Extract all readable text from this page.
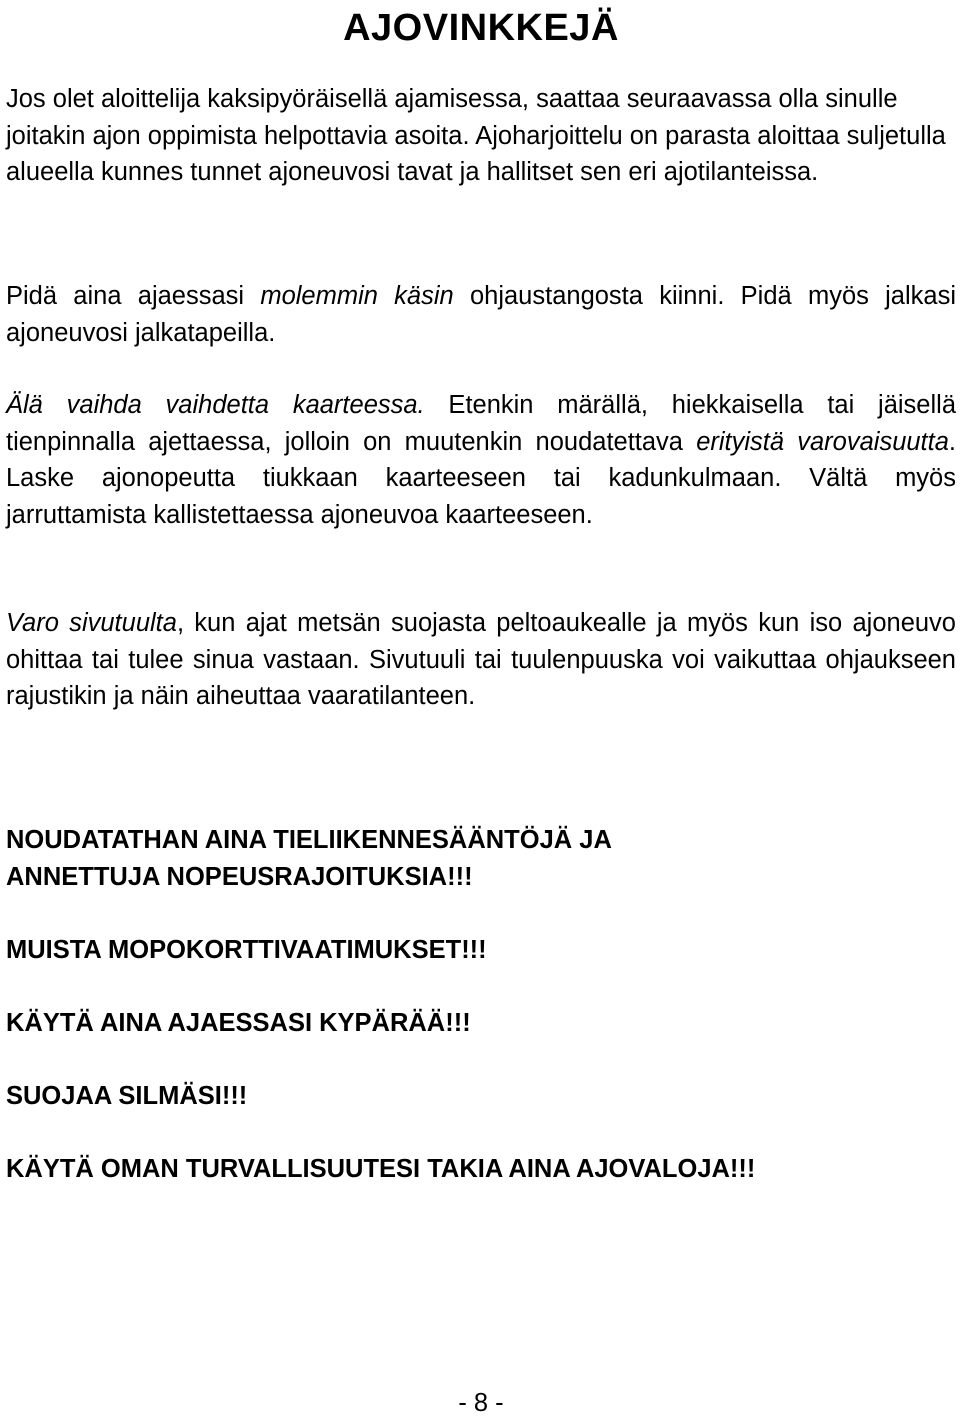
AJOVINKKEJÄ

Jos olet aloittelija kaksipyöräisellä ajamisessa, saattaa seuraavassa olla sinulle joitakin ajon oppimista helpottavia asoita. Ajoharjoittelu on parasta aloittaa suljetulla alueella kunnes tunnet ajoneuvosi tavat ja hallitset sen eri ajotilanteissa.

Pidä aina ajaessasi molemmin käsin ohjaustangosta kiinni. Pidä myös jalkasi ajoneuvosi jalkatapeilla.

Älä vaihda vaihdetta kaarteessa. Etenkin märällä, hiekkaisella tai jäisellä tienpinnalla ajettaessa, jolloin on muutenkin noudatettava erityistä varovaisuutta. Laske ajonopeutta tiukkaan kaarteeseen tai kadunkulmaan. Vältä myös jarruttamista kallistettaessa ajoneuvoa kaarteeseen.

Varo sivutuulta, kun ajat metsän suojasta peltoaukealle ja myös kun iso ajoneuvo ohittaa tai tulee sinua vastaan. Sivutuuli tai tuulenpuuska voi vaikuttaa ohjaukseen rajustikin ja näin aiheuttaa vaaratilanteen.

NOUDATATHAN AINA TIELIIKENNESÄÄNTÖJÄ JA
ANNETTUJA NOPEUSRAJOITUKSIA!!!

MUISTA MOPOKORTTIVAATIMUKSET!!!

KÄYTÄ AINA AJAESSASI KYPÄRÄÄ!!!

SUOJAA SILMÄSI!!!

KÄYTÄ OMAN TURVALLISUUTESI TAKIA AINA AJOVALOJA!!!

- 8 -
